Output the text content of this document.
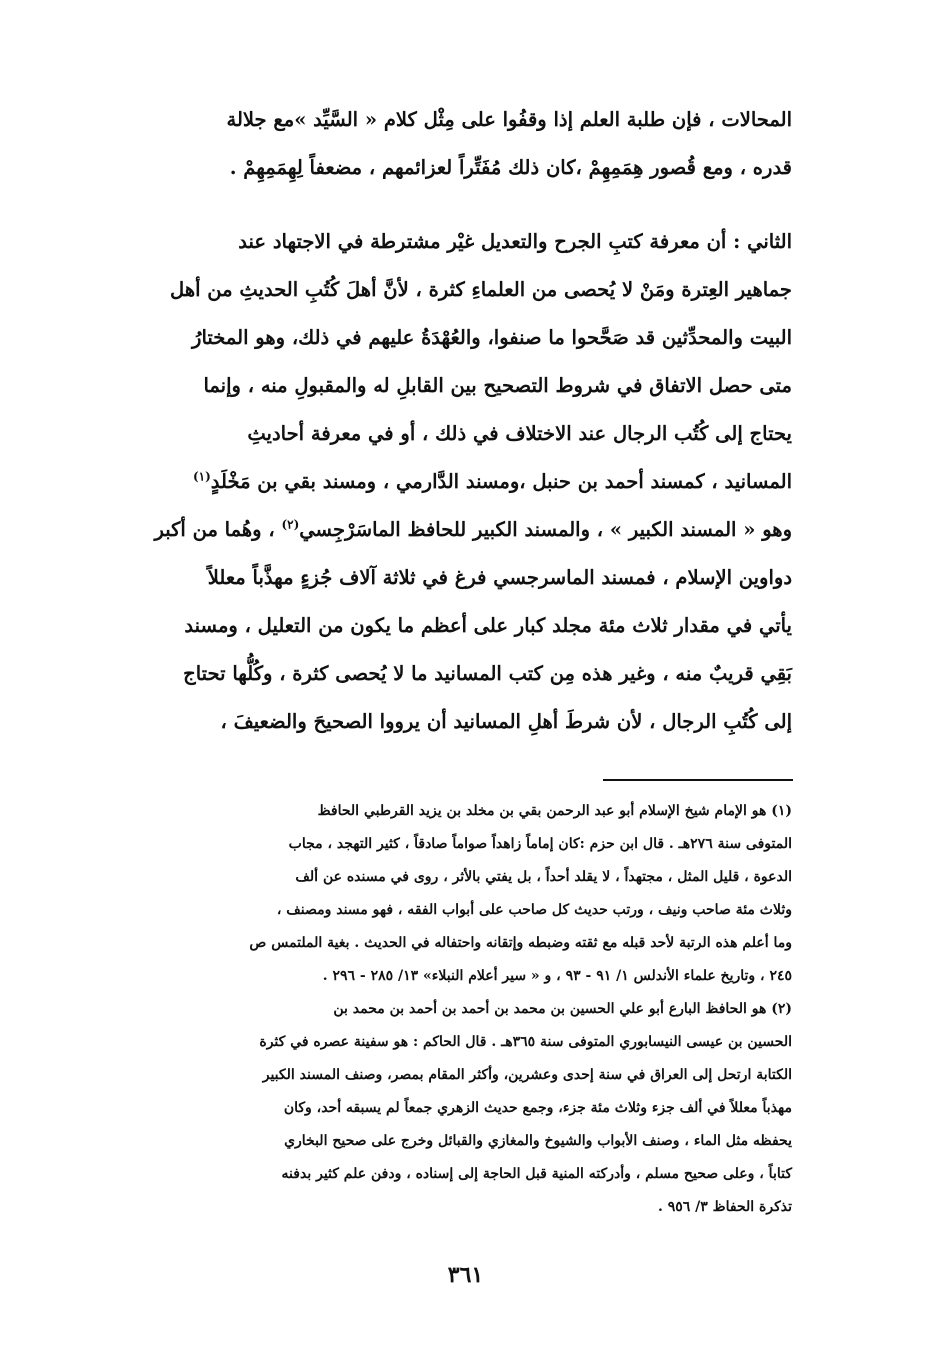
المحالات ، فإن طلبة العلم إذا وقفُوا على مِثْل كلام « السَّيِّد »مع جلالة
قدره ، ومع قُصور هِمَمِهِمْ ،كان ذلك مُفَتِّراً لعزائمهم ، مضعفاً لِهِمَمِهِمْ .
الثاني : أن معرفة كتبِ الجرح والتعديل غيْر مشترطة في الاجتهاد عند
جماهير العِترة ومَنْ لا يُحصى من العلماءِ كثرة ، لأنَّ أهلَ كُتُبِ الحديثِ من أهل
البيت والمحدِّثين قد صَحَّحوا ما صنفوا، والعُهْدَةُ عليهم في ذلك، وهو المختارُ
متى حصل الاتفاق في شروط التصحيح بين القابلِ له والمقبولِ منه ، وإنما
يحتاج إلى كُتُب الرجال عند الاختلاف في ذلك ، أو في معرفة أحاديثِ
المسانيد ، كمسند أحمد بن حنبل ،ومسند الدَّارمي ، ومسند بقي بن مَخْلَدٍ$^{(١)}$
وهو « المسند الكبير » ، والمسند الكبير للحافظ الماسَرْجِسي$^{(٢)}$ ، وهُما من أكبر
دواوين الإسلام ، فمسند الماسرجسي فرغ في ثلاثة آلاف جُزءٍ مهذَّباً معللاً
يأتي في مقدار ثلاث مئة مجلد كبار على أعظم ما يكون من التعليل ، ومسند
بَقِي قريبٌ منه ، وغير هذه مِن كتب المسانيد ما لا يُحصى كثرة ، وكُلُّها تحتاج
إلى كُتُبِ الرجال ، لأن شرطَ أهلِ المسانيد أن يرووا الصحيحَ والضعيفَ ،
(١) هو الإمام شيخ الإسلام أبو عبد الرحمن بقي بن مخلد بن يزيد القرطبي الحافظ
المتوفى سنة ٢٧٦هـ . قال ابن حزم :كان إماماً زاهداً صواماً صادقاً ، كثير التهجد ، مجاب
الدعوة ، قليل المثل ، مجتهداً ، لا يقلد أحداً ، بل يفتي بالأثر ، روى في مسنده عن ألف
وثلاث مئة صاحب ونيف ، ورتب حديث كل صاحب على أبواب الفقه ، فهو مسند ومصنف ،
وما أعلم هذه الرتبة لأحد قبله مع ثقته وضبطه وإتقانه واحتفاله في الحديث . بغية الملتمس ص
٢٤٥ ، وتاريخ علماء الأندلس ١/ ٩١ - ٩٣ ، و « سير أعلام النبلاء» ١٣/ ٢٨٥ - ٢٩٦ .
(٢) هو الحافظ البارع أبو علي الحسين بن محمد بن أحمد بن أحمد بن محمد بن
الحسين بن عيسى النيسابوري المتوفى سنة ٣٦٥هـ . قال الحاكم : هو سفينة عصره في كثرة
الكتابة ارتحل إلى العراق في سنة إحدى وعشرين، وأكثر المقام بمصر، وصنف المسند الكبير
مهذباً معللاً في ألف جزء وثلاث مئة جزء، وجمع حديث الزهري جمعاً لم يسبقه أحد، وكان
يحفظه مثل الماء ، وصنف الأبواب والشيوخ والمغازي والقبائل وخرج على صحيح البخاري
كتاباً ، وعلى صحيح مسلم ، وأدركته المنية قبل الحاجة إلى إسناده ، ودفن علم كثير بدفنه
تذكرة الحفاظ ٣/ ٩٥٦ .
٣٦١
